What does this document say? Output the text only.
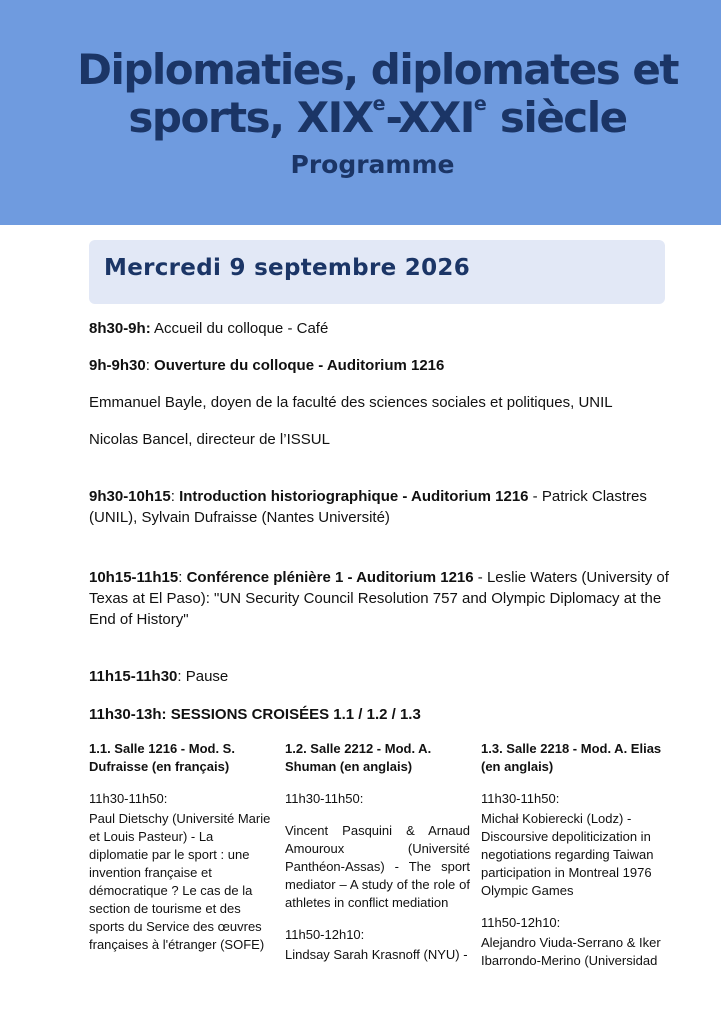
Diplomaties, diplomates et
sports, XIXe-XXIe siècle
Programme
Mercredi 9 septembre 2026
8h30-9h: Accueil du colloque - Café
9h-9h30: Ouverture du colloque - Auditorium 1216
Emmanuel Bayle, doyen de la faculté des sciences sociales et politiques, UNIL
Nicolas Bancel, directeur de l’ISSUL
9h30-10h15: Introduction historiographique - Auditorium 1216 - Patrick Clastres (UNIL), Sylvain Dufraisse (Nantes Université)
10h15-11h15: Conférence plénière 1 - Auditorium 1216 - Leslie Waters (University of Texas at El Paso): "UN Security Council Resolution 757 and Olympic Diplomacy at the End of History"
11h15-11h30: Pause
11h30-13h: SESSIONS CROISÉES 1.1 / 1.2 / 1.3

1.1. Salle 1216 - Mod. S. Dufraisse (en français)

11h30-11h50:

Paul Dietschy (Université Marie et Louis Pasteur) - La diplomatie par le sport : une invention française et démocratique ? Le cas de la section de tourisme et des sports du Service des œuvres françaises à l'étranger (SOFE)

1.2. Salle 2212 - Mod. A. Shuman (en anglais)

11h30-11h50:

Vincent Pasquini & Arnaud Amouroux (Université Panthéon-Assas) - The sport mediator – A study of the role of athletes in conflict mediation

11h50-12h10:

Lindsay Sarah Krasnoff (NYU) -

1.3. Salle 2218 - Mod. A. Elias (en anglais)

11h30-11h50:

Michał Kobierecki (Lodz) - Discoursive depoliticization in negotiations regarding Taiwan participation in Montreal 1976 Olympic Games

11h50-12h10:

Alejandro Viuda-Serrano & Iker Ibarrondo-Merino (Universidad
